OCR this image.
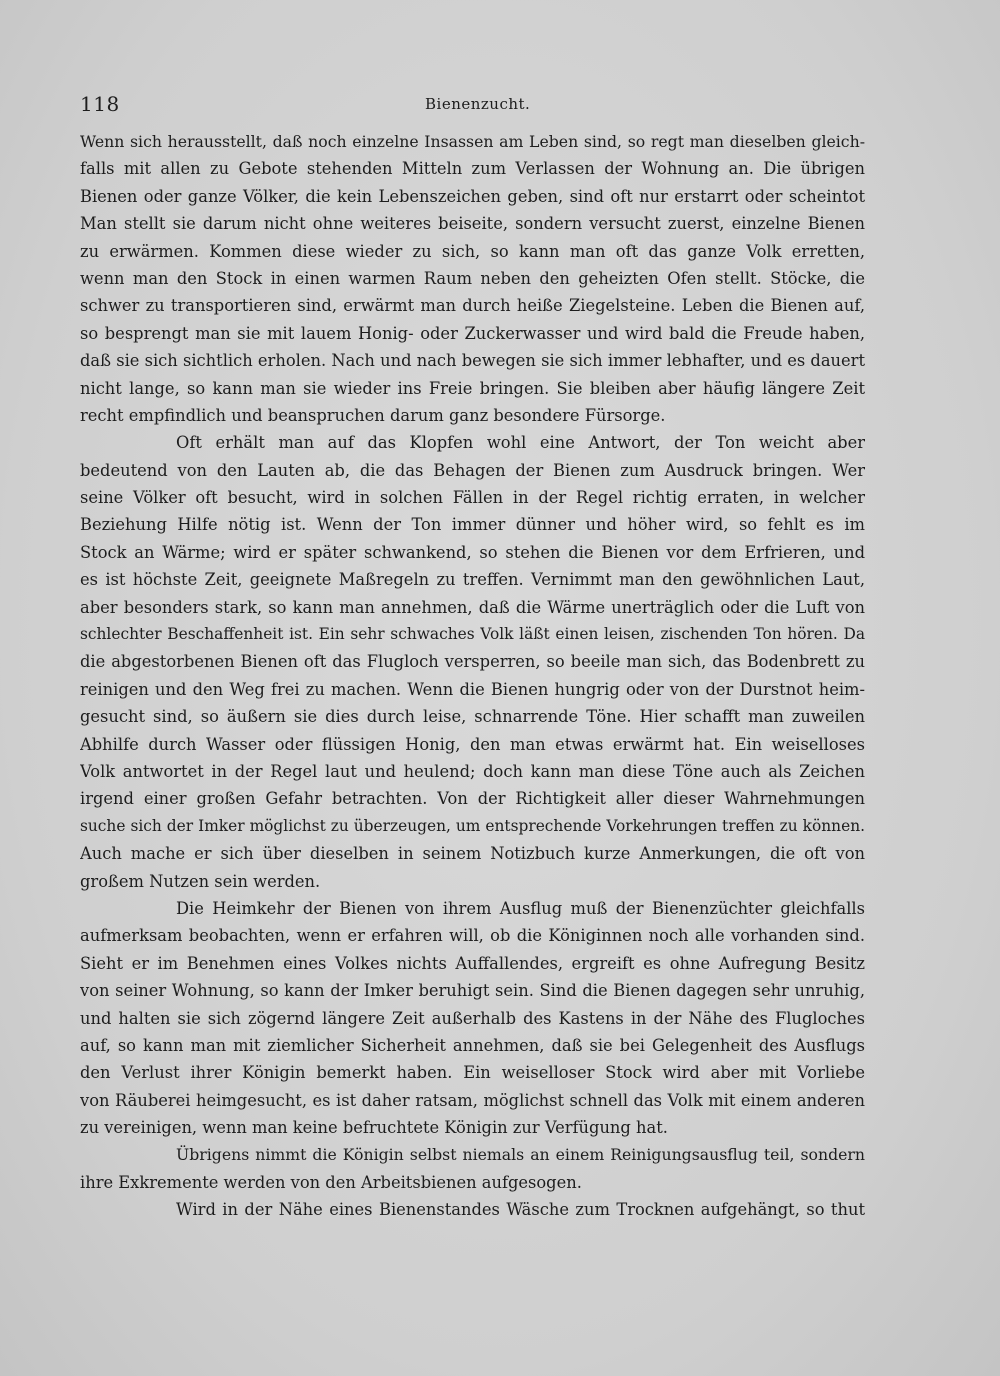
118	Bienenzucht.
Wenn sich herausstellt, daß noch einzelne Insassen am Leben sind, so regt man dieselben gleich-
falls mit allen zu Gebote stehenden Mitteln zum Verlassen der Wohnung an. Die übrigen
Bienen oder ganze Völker, die kein Lebenszeichen geben, sind oft nur erstarrt oder scheintot
Man stellt sie darum nicht ohne weiteres beiseite, sondern versucht zuerst, einzelne Bienen
zu erwärmen. Kommen diese wieder zu sich, so kann man oft das ganze Volk erretten,
wenn man den Stock in einen warmen Raum neben den geheizten Ofen stellt. Stöcke, die
schwer zu transportieren sind, erwärmt man durch heiße Ziegelsteine. Leben die Bienen auf,
so besprengt man sie mit lauem Honig- oder Zuckerwasser und wird bald die Freude haben,
daß sie sich sichtlich erholen. Nach und nach bewegen sie sich immer lebhafter, und es dauert
nicht lange, so kann man sie wieder ins Freie bringen. Sie bleiben aber häufig längere Zeit
recht empfindlich und beanspruchen darum ganz besondere Fürsorge.
Oft erhält man auf das Klopfen wohl eine Antwort, der Ton weicht aber
bedeutend von den Lauten ab, die das Behagen der Bienen zum Ausdruck bringen. Wer
seine Völker oft besucht, wird in solchen Fällen in der Regel richtig erraten, in welcher
Beziehung Hilfe nötig ist. Wenn der Ton immer dünner und höher wird, so fehlt es im
Stock an Wärme; wird er später schwankend, so stehen die Bienen vor dem Erfrieren, und
es ist höchste Zeit, geeignete Maßregeln zu treffen. Vernimmt man den gewöhnlichen Laut,
aber besonders stark, so kann man annehmen, daß die Wärme unerträglich oder die Luft von
schlechter Beschaffenheit ist. Ein sehr schwaches Volk läßt einen leisen, zischenden Ton hören. Da
die abgestorbenen Bienen oft das Flugloch versperren, so beeile man sich, das Bodenbrett zu
reinigen und den Weg frei zu machen. Wenn die Bienen hungrig oder von der Durstnot heim-
gesucht sind, so äußern sie dies durch leise, schnarrende Töne. Hier schafft man zuweilen
Abhilfe durch Wasser oder flüssigen Honig, den man etwas erwärmt hat. Ein weiselloses
Volk antwortet in der Regel laut und heulend; doch kann man diese Töne auch als Zeichen
irgend einer großen Gefahr betrachten. Von der Richtigkeit aller dieser Wahrnehmungen
suche sich der Imker möglichst zu überzeugen, um entsprechende Vorkehrungen treffen zu können.
Auch mache er sich über dieselben in seinem Notizbuch kurze Anmerkungen, die oft von
großem Nutzen sein werden.
Die Heimkehr der Bienen von ihrem Ausflug muß der Bienenzüchter gleichfalls
aufmerksam beobachten, wenn er erfahren will, ob die Königinnen noch alle vorhanden sind.
Sieht er im Benehmen eines Volkes nichts Auffallendes, ergreift es ohne Aufregung Besitz
von seiner Wohnung, so kann der Imker beruhigt sein. Sind die Bienen dagegen sehr unruhig,
und halten sie sich zögernd längere Zeit außerhalb des Kastens in der Nähe des Flugloches
auf, so kann man mit ziemlicher Sicherheit annehmen, daß sie bei Gelegenheit des Ausflugs
den Verlust ihrer Königin bemerkt haben. Ein weiselloser Stock wird aber mit Vorliebe
von Räuberei heimgesucht, es ist daher ratsam, möglichst schnell das Volk mit einem anderen
zu vereinigen, wenn man keine befruchtete Königin zur Verfügung hat.
Übrigens nimmt die Königin selbst niemals an einem Reinigungsausflug teil, sondern
ihre Exkremente werden von den Arbeitsbienen aufgesogen.
Wird in der Nähe eines Bienenstandes Wäsche zum Trocknen aufgehängt, so thut
